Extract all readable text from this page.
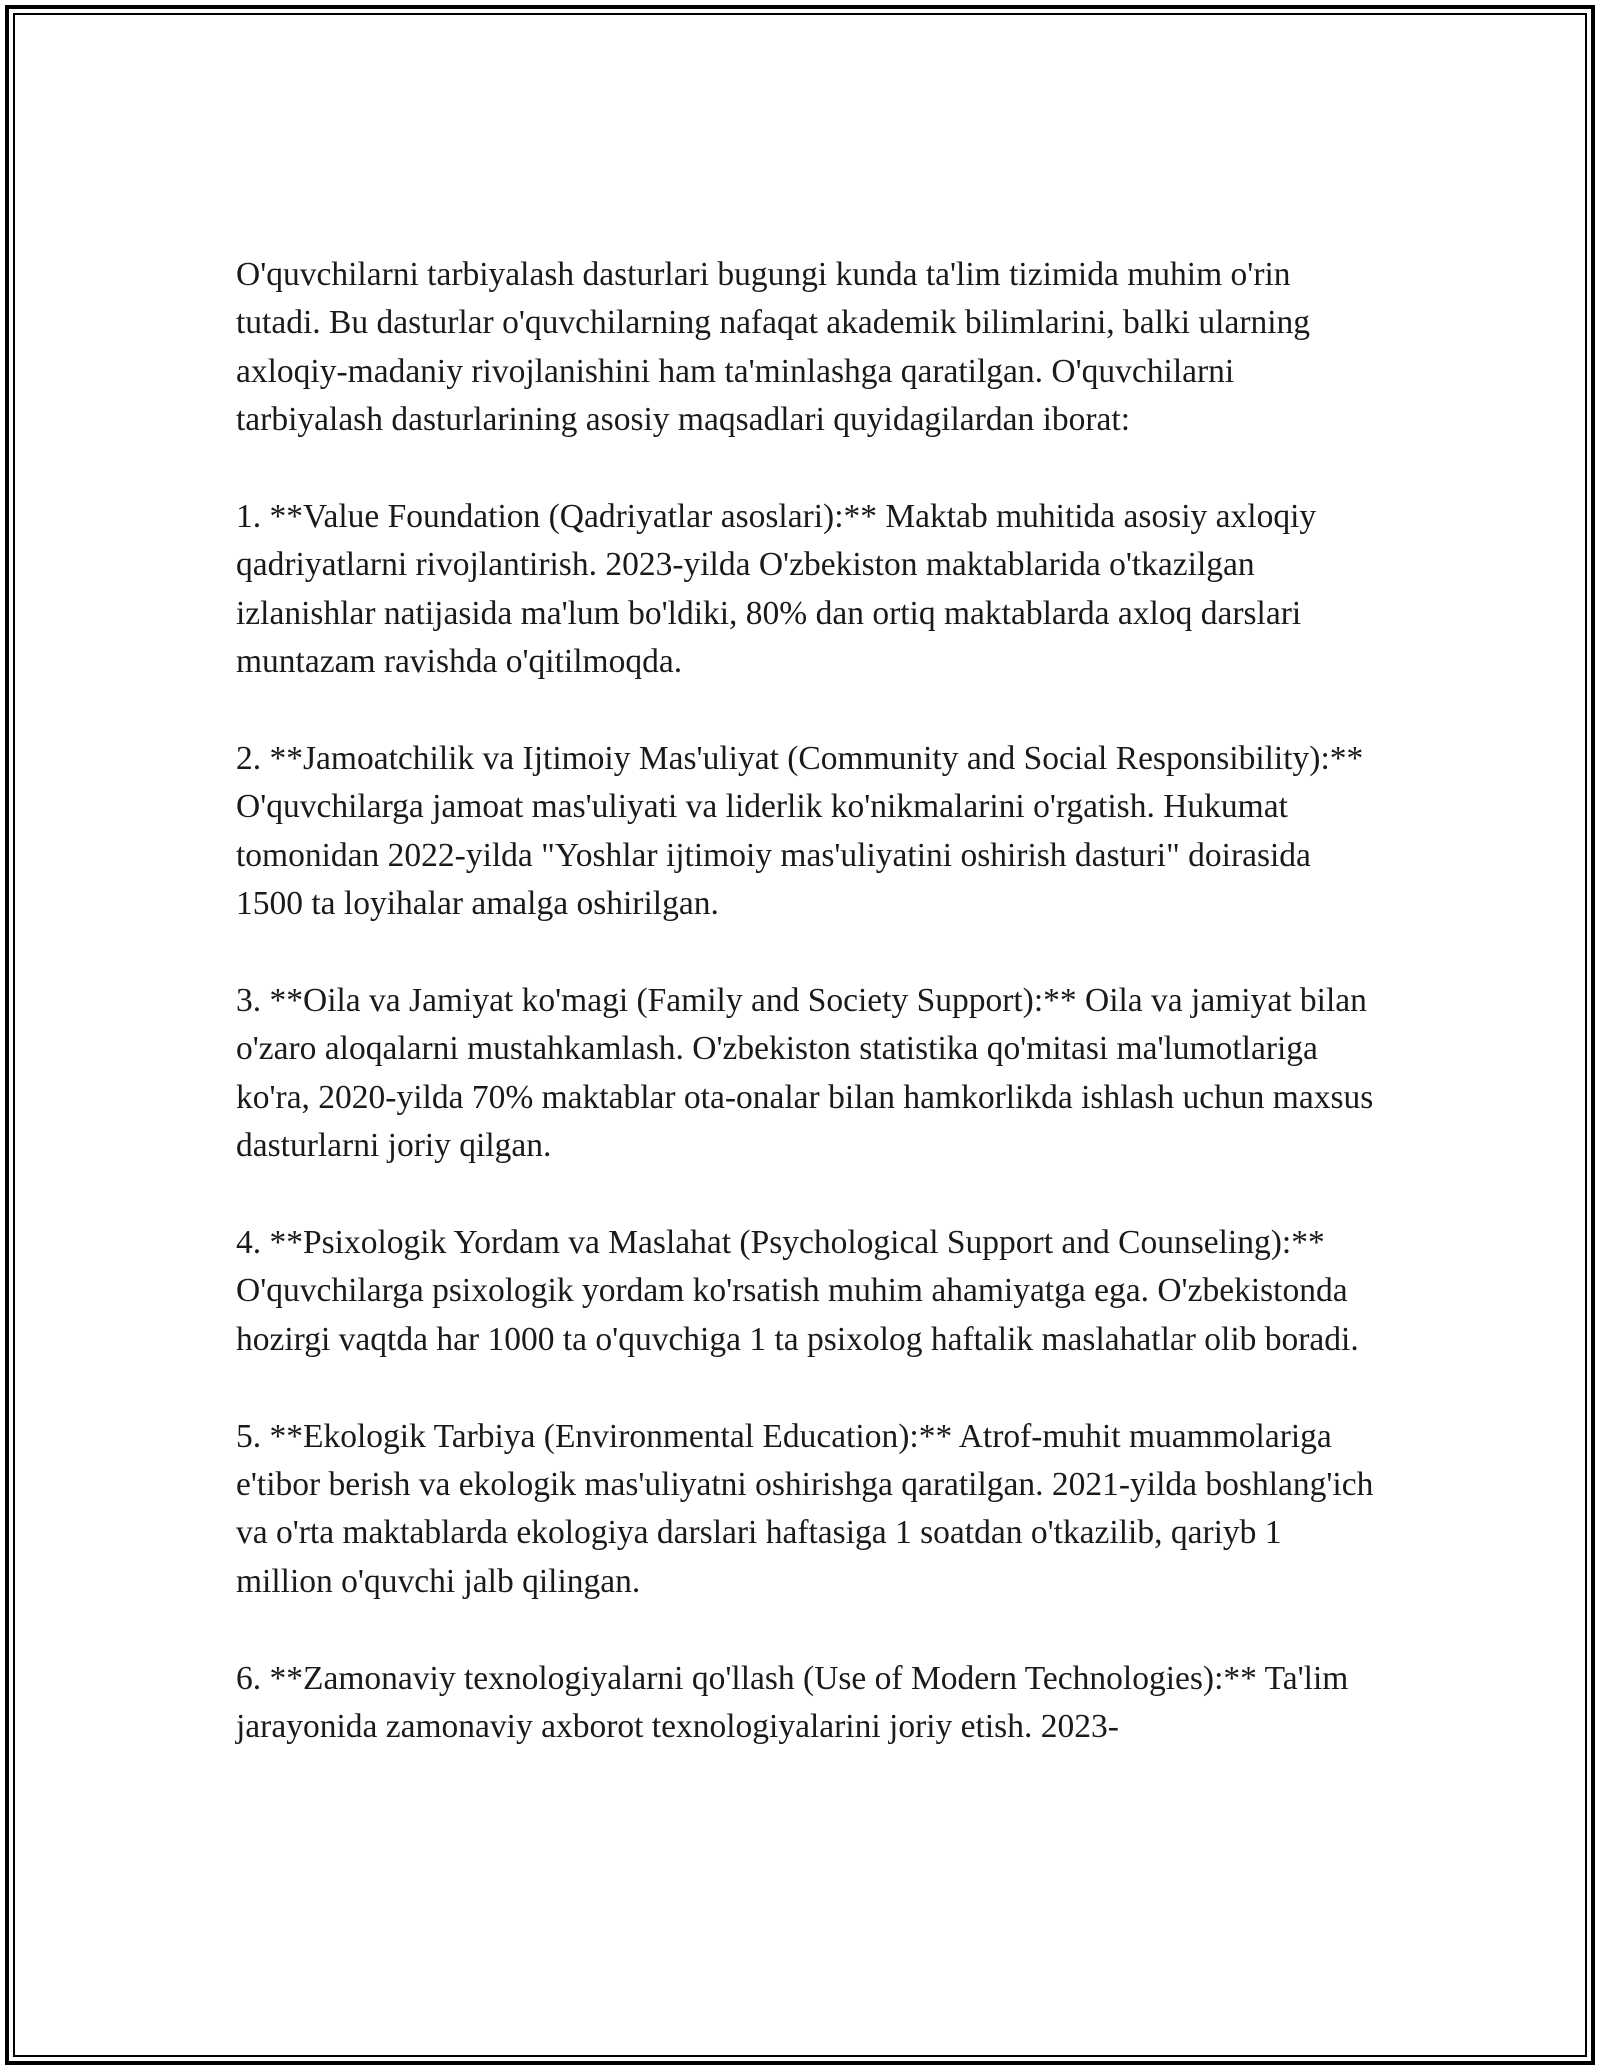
O'quvchilarni tarbiyalash dasturlari bugungi kunda ta'lim tizimida muhim o'rin tutadi. Bu dasturlar o'quvchilarning nafaqat akademik bilimlarini, balki ularning axloqiy-madaniy rivojlanishini ham ta'minlashga qaratilgan. O'quvchilarni tarbiyalash dasturlarining asosiy maqsadlari quyidagilardan iborat:

1. **Value Foundation (Qadriyatlar asoslari):** Maktab muhitida asosiy axloqiy qadriyatlarni rivojlantirish. 2023-yilda O'zbekiston maktablarida o'tkazilgan izlanishlar natijasida ma'lum bo'ldiki, 80% dan ortiq maktablarda axloq darslari muntazam ravishda o'qitilmoqda.

2. **Jamoatchilik va Ijtimoiy Mas'uliyat (Community and Social Responsibility):** O'quvchilarga jamoat mas'uliyati va liderlik ko'nikmalarini o'rgatish. Hukumat tomonidan 2022-yilda "Yoshlar ijtimoiy mas'uliyatini oshirish dasturi" doirasida 1500 ta loyihalar amalga oshirilgan.

3. **Oila va Jamiyat ko'magi (Family and Society Support):** Oila va jamiyat bilan o'zaro aloqalarni mustahkamlash. O'zbekiston statistika qo'mitasi ma'lumotlariga ko'ra, 2020-yilda 70% maktablar ota-onalar bilan hamkorlikda ishlash uchun maxsus dasturlarni joriy qilgan.

4. **Psixologik Yordam va Maslahat (Psychological Support and Counseling):** O'quvchilarga psixologik yordam ko'rsatish muhim ahamiyatga ega. O'zbekistonda hozirgi vaqtda har 1000 ta o'quvchiga 1 ta psixolog haftalik maslahatlar olib boradi.

5. **Ekologik Tarbiya (Environmental Education):** Atrof-muhit muammolariga e'tibor berish va ekologik mas'uliyatni oshirishga qaratilgan. 2021-yilda boshlang'ich va o'rta maktablarda ekologiya darslari haftasiga 1 soatdan o'tkazilib, qariyb 1 million o'quvchi jalb qilingan.

6. **Zamonaviy texnologiyalarni qo'llash (Use of Modern Technologies):** Ta'lim jarayonida zamonaviy axborot texnologiyalarini joriy etish. 2023-
